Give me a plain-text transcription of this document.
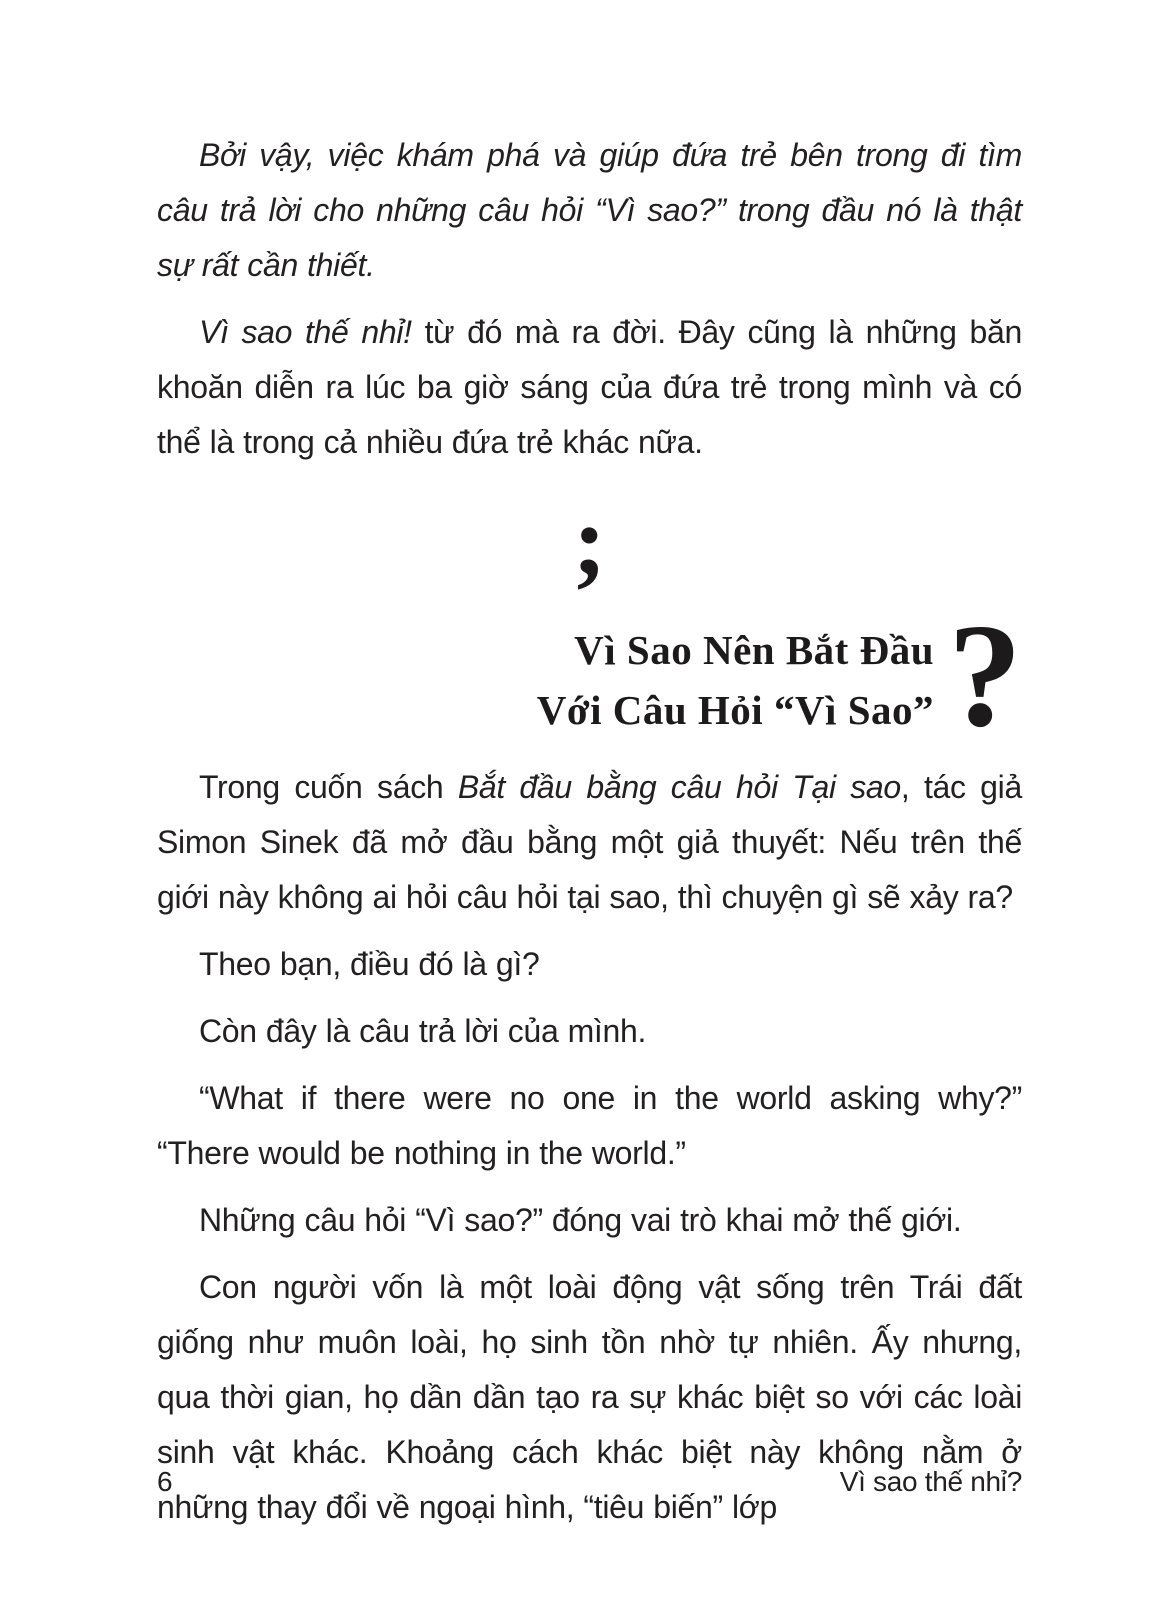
Bởi vậy, việc khám phá và giúp đứa trẻ bên trong đi tìm câu trả lời cho những câu hỏi “Vì sao?” trong đầu nó là thật sự rất cần thiết.

Vì sao thế nhỉ! từ đó mà ra đời. Đây cũng là những băn khoăn diễn ra lúc ba giờ sáng của đứa trẻ trong mình và có thể là trong cả nhiều đứa trẻ khác nữa.

;
Vì Sao Nên Bắt Đầu
Với Câu Hỏi “Vì Sao” ?

Trong cuốn sách Bắt đầu bằng câu hỏi Tại sao, tác giả Simon Sinek đã mở đầu bằng một giả thuyết: Nếu trên thế giới này không ai hỏi câu hỏi tại sao, thì chuyện gì sẽ xảy ra?

Theo bạn, điều đó là gì?

Còn đây là câu trả lời của mình.

“What if there were no one in the world asking why?” “There would be nothing in the world.”

Những câu hỏi “Vì sao?” đóng vai trò khai mở thế giới.

Con người vốn là một loài động vật sống trên Trái đất giống như muôn loài, họ sinh tồn nhờ tự nhiên. Ấy nhưng, qua thời gian, họ dần dần tạo ra sự khác biệt so với các loài sinh vật khác. Khoảng cách khác biệt này không nằm ở những thay đổi về ngoại hình, “tiêu biến” lớp

6	Vì sao thế nhỉ?
